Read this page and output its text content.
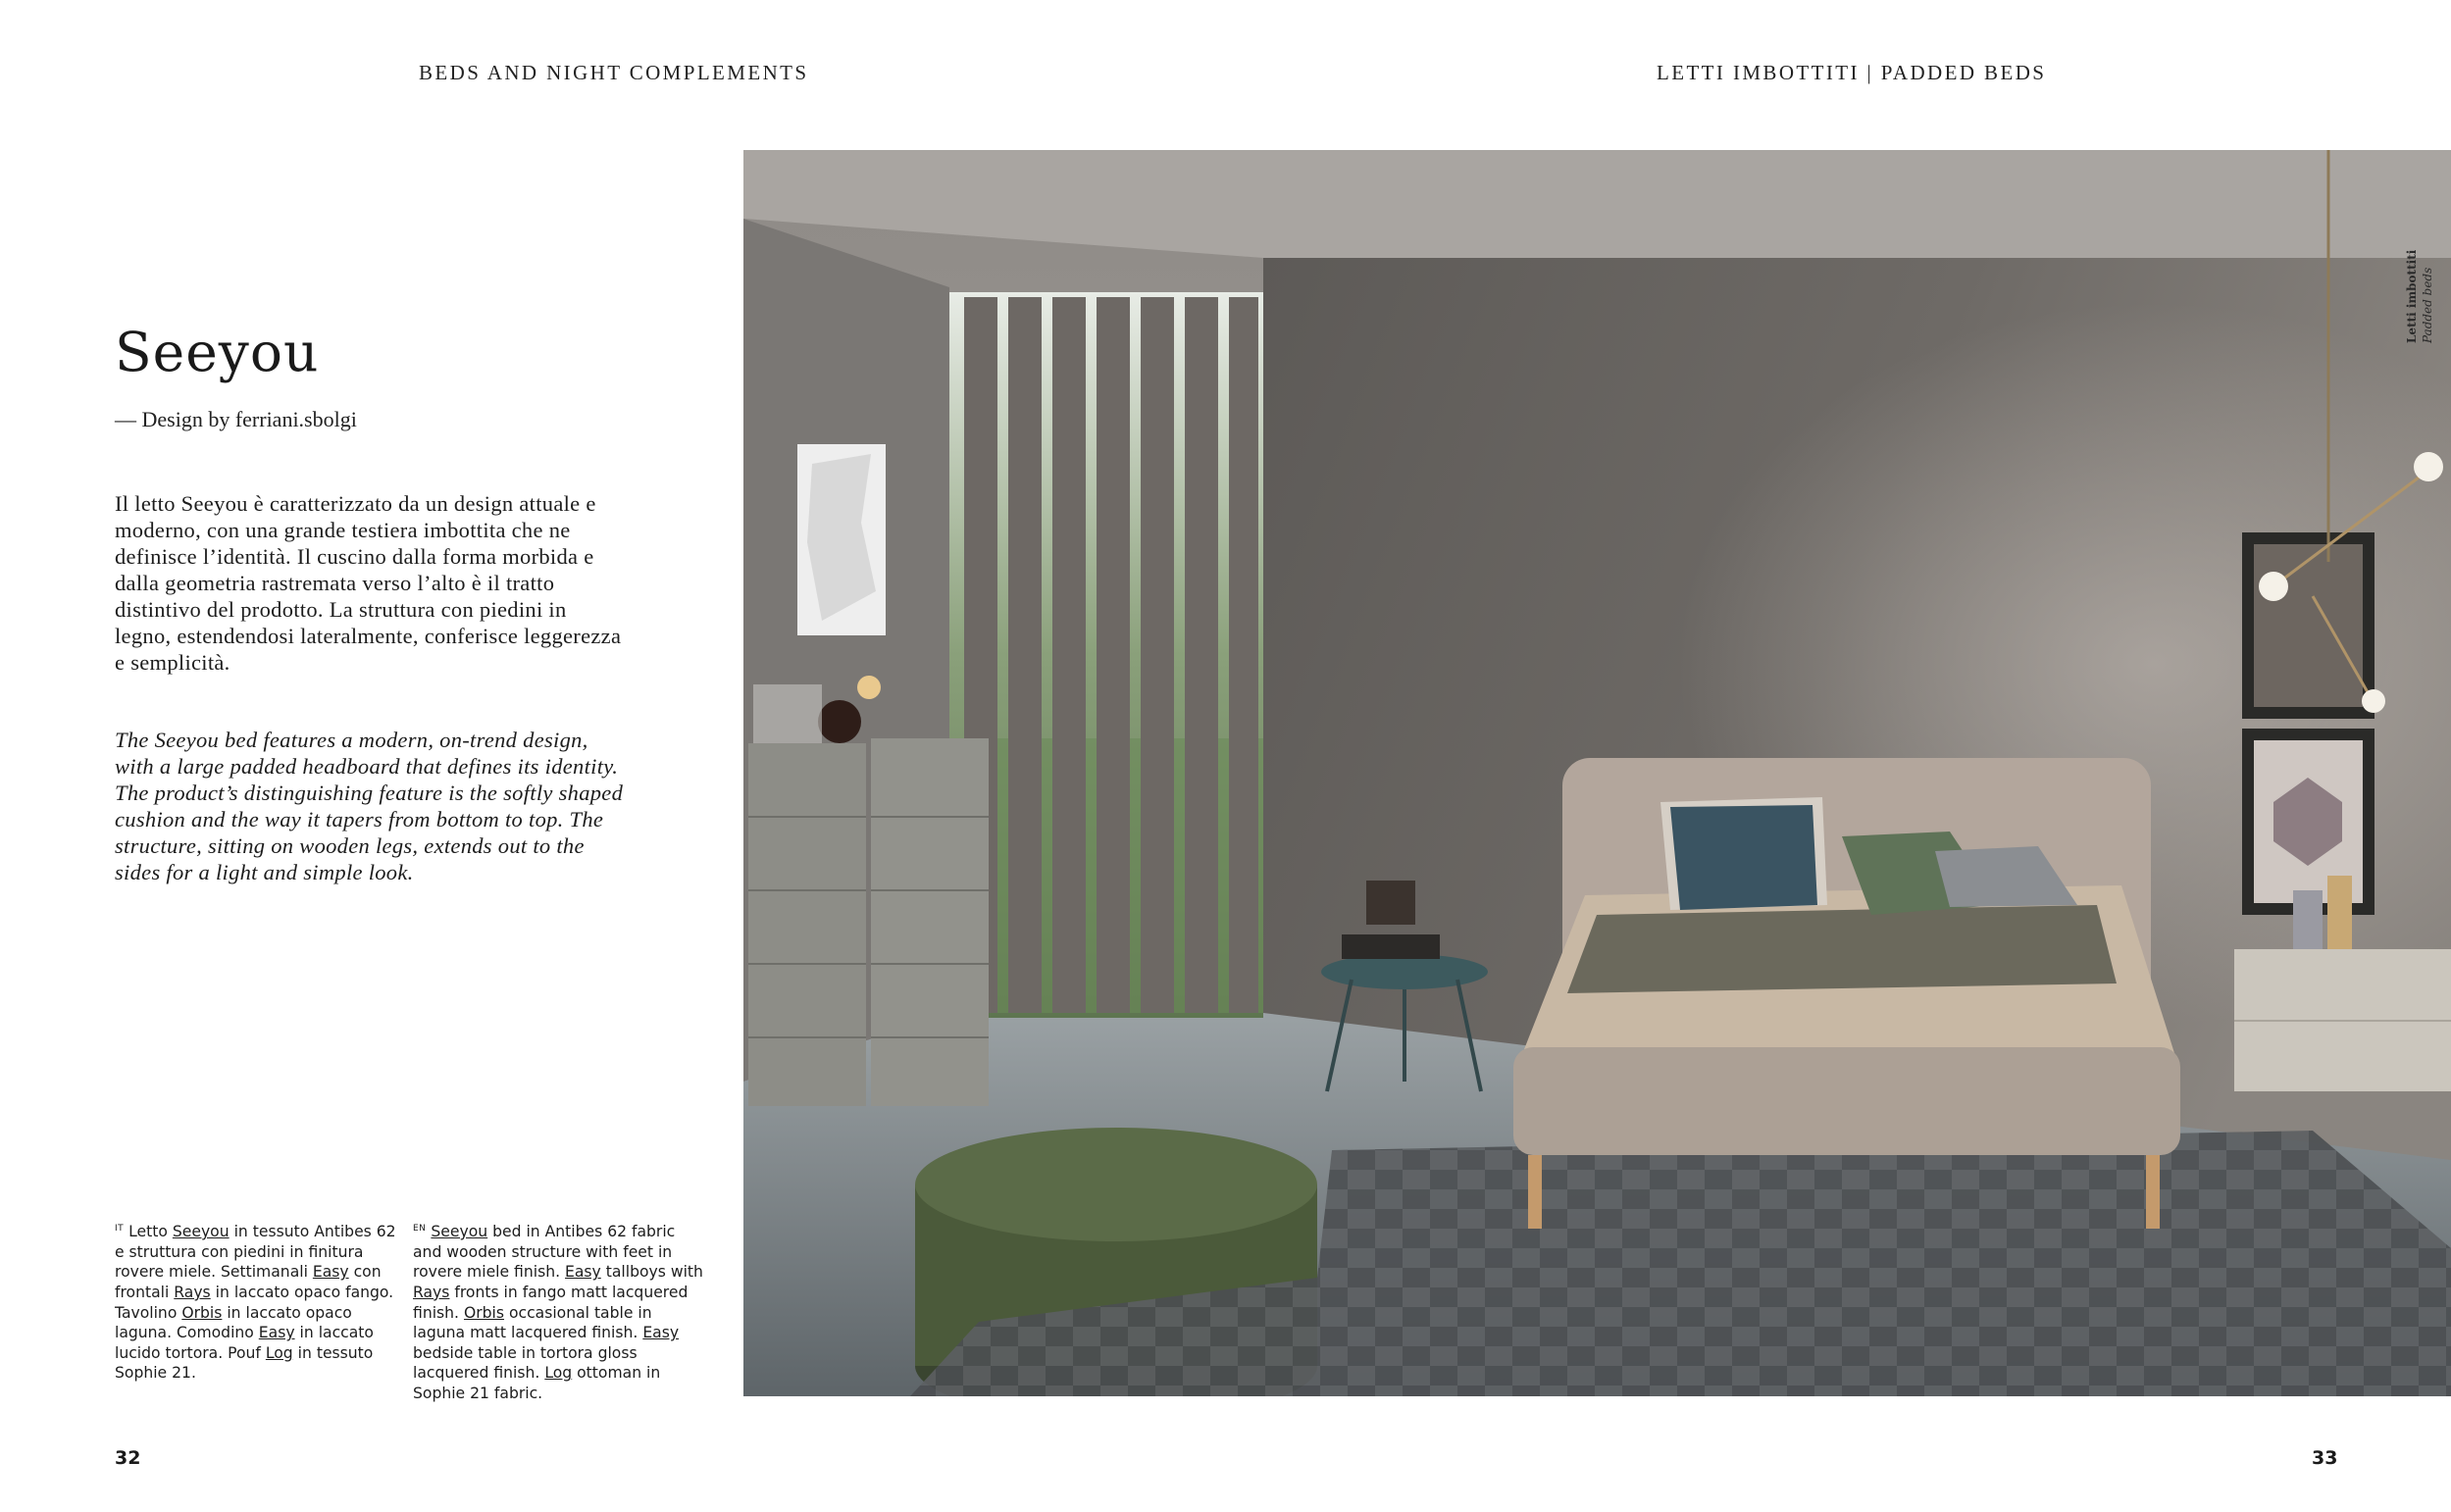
BEDS AND NIGHT COMPLEMENTS	LETTI IMBOTTITI | PADDED BEDS
Seeyou
— Design by ferriani.sbolgi

Il letto Seeyou è caratterizzato da un design attuale e moderno, con una grande testiera imbottita che ne definisce l’identità. Il cuscino dalla forma morbida e dalla geometria rastremata verso l’alto è il tratto distintivo del prodotto. La struttura con piedini in legno, estendendosi lateralmente, conferisce leggerezza e semplicità.

The Seeyou bed features a modern, on-trend design, with a large padded headboard that defines its identity. The product’s distinguishing feature is the softly shaped cushion and the way it tapers from bottom to top. The structure, sitting on wooden legs, extends out to the sides for a light and simple look.

$^{IT}$ Letto Seeyou in tessuto Antibes 62 e struttura con piedini in finitura rovere miele. Settimanali Easy con frontali Rays in laccato opaco fango. Tavolino Orbis in laccato opaco laguna. Comodino Easy in laccato lucido tortora. Pouf Log in tessuto Sophie 21.

$^{EN}$ Seeyou bed in Antibes 62 fabric and wooden structure with feet in rovere miele finish. Easy tallboys with Rays fronts in fango matt lacquered finish. Orbis occasional table in laguna matt lacquered finish. Easy bedside table in tortora gloss lacquered finish. Log ottoman in Sophie 21 fabric.

Letti imbottiti Padded beds
32	33
